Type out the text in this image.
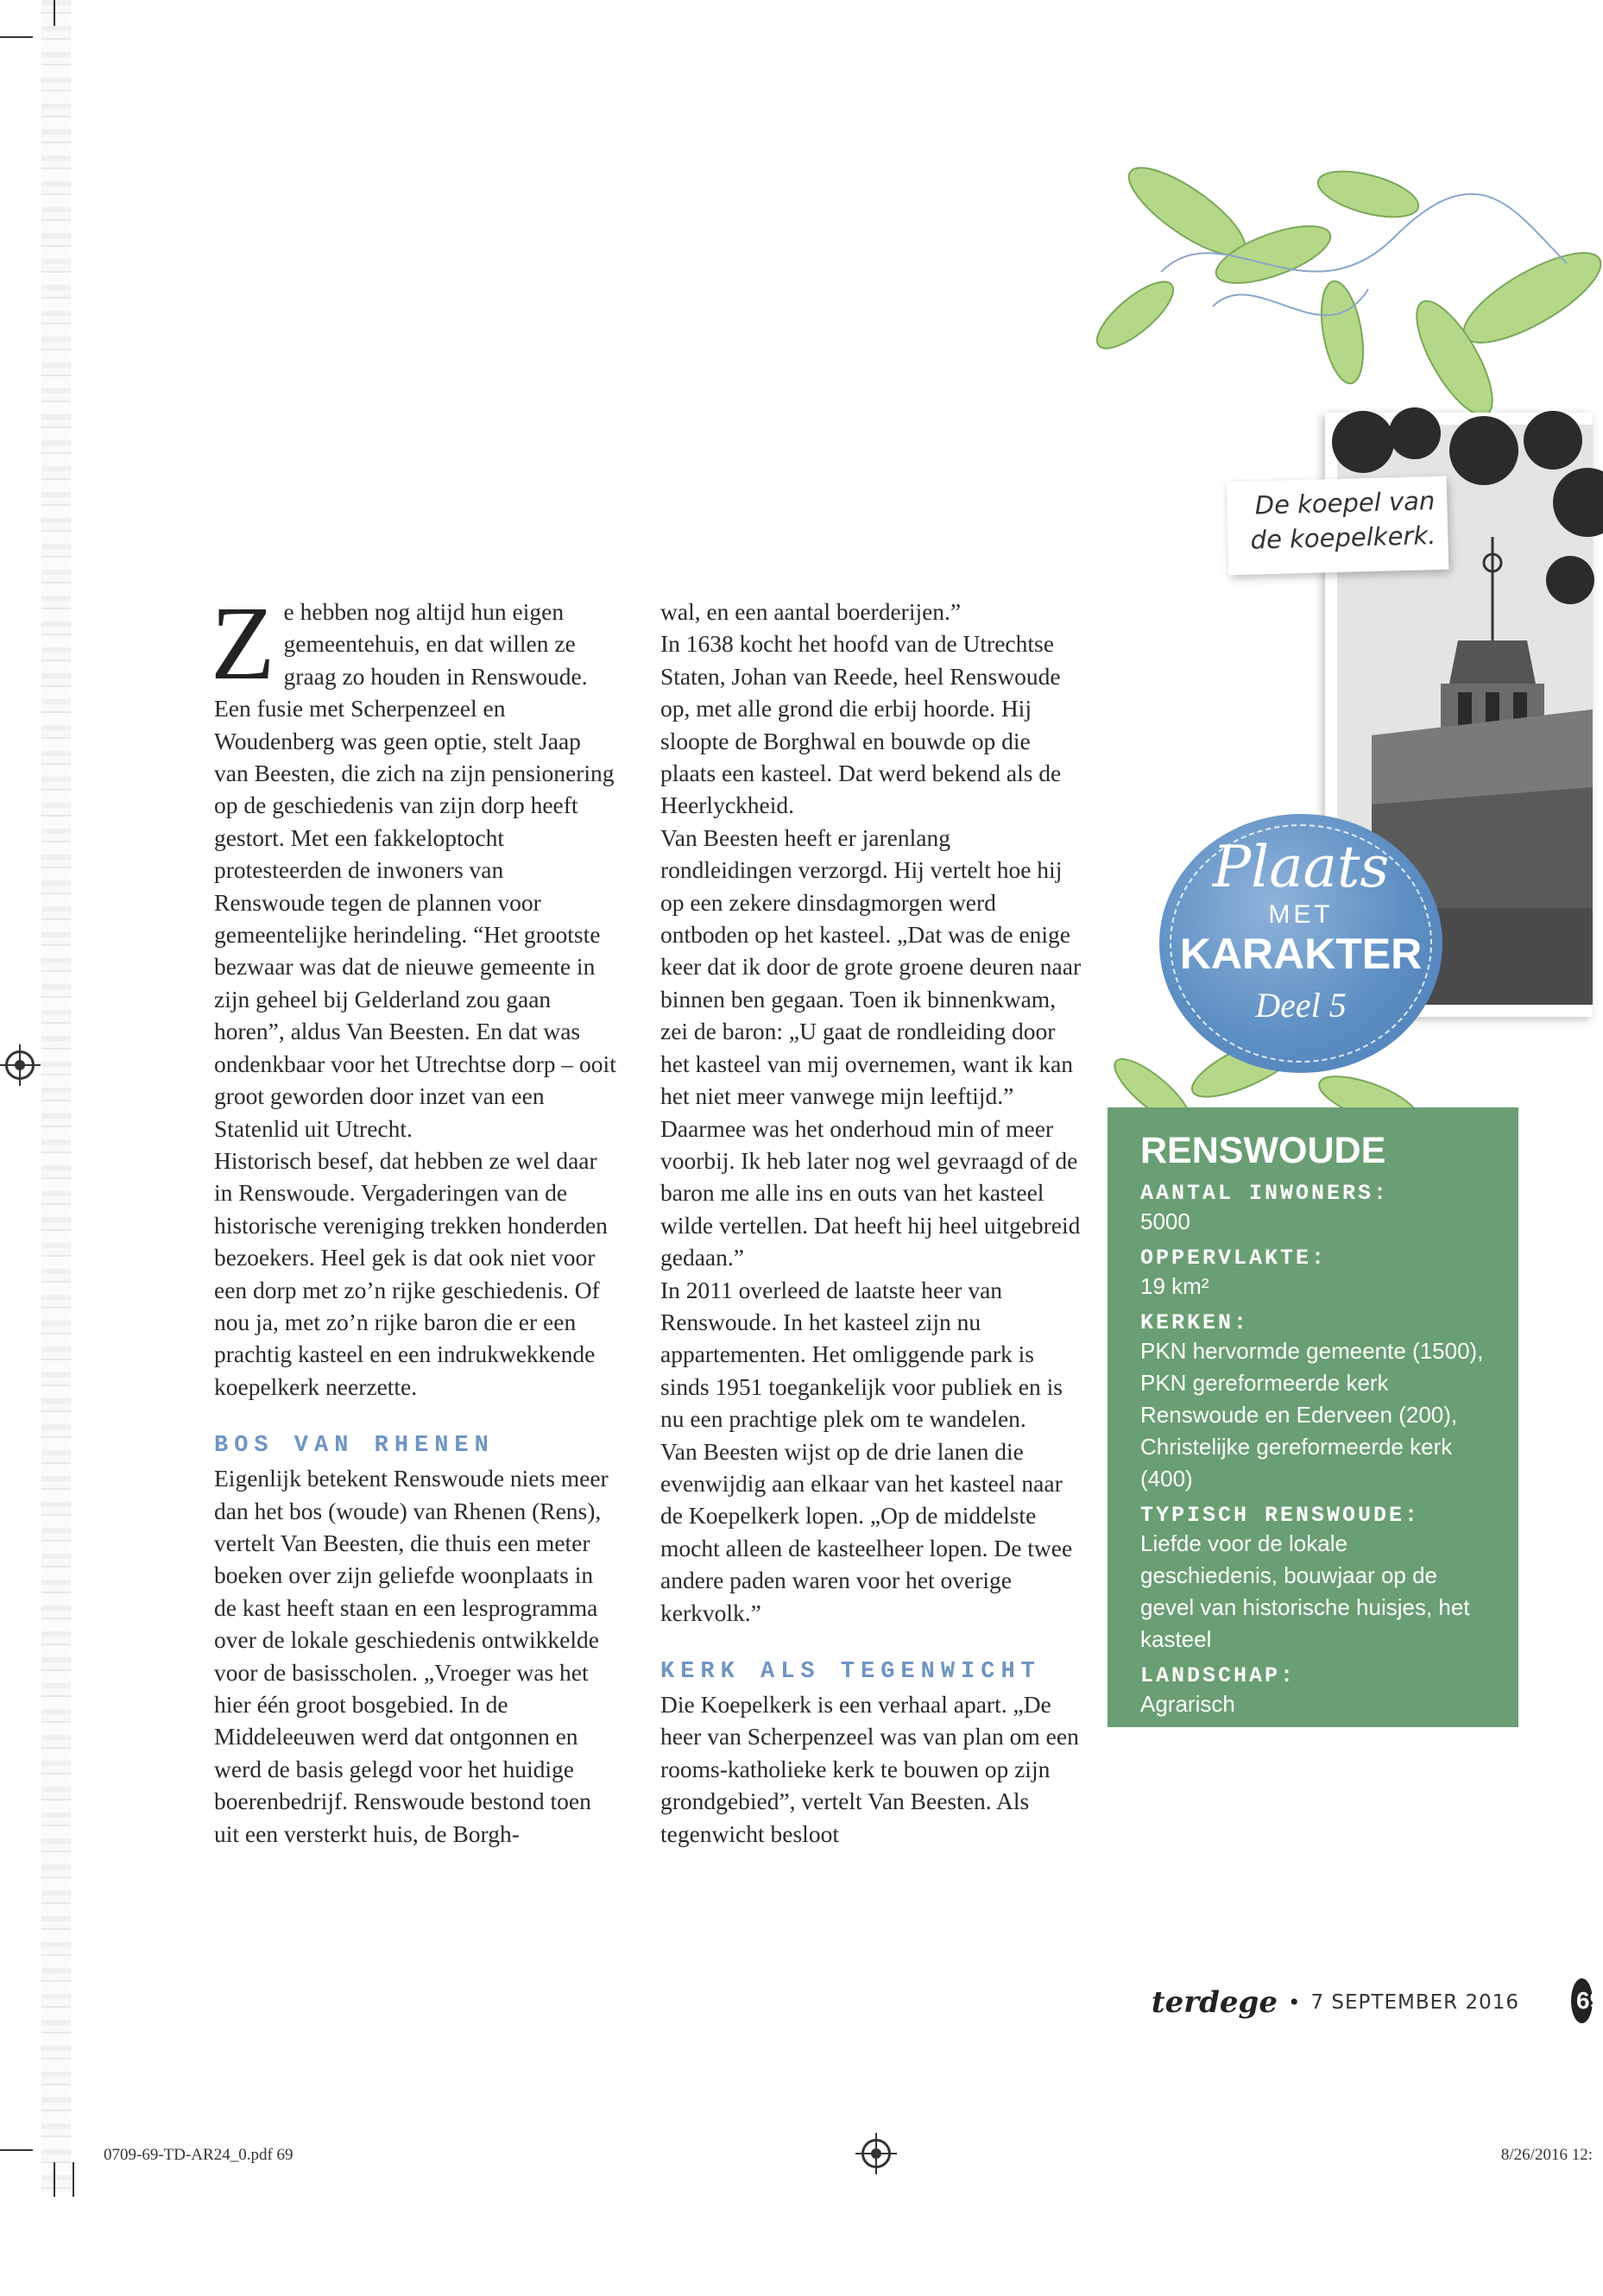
De koepel van
de koepelkerk.
Plaats
MET
KARAKTER
Deel 5

Ze hebben nog altijd hun eigen gemeentehuis, en dat willen ze graag zo houden in Renswoude. Een fusie met Scherpenzeel en Woudenberg was geen optie, stelt Jaap van Beesten, die zich na zijn pensionering op de geschiedenis van zijn dorp heeft gestort. Met een fakkeloptocht protesteerden de inwoners van Renswoude tegen de plannen voor gemeentelijke herindeling. “Het grootste bezwaar was dat de nieuwe gemeente in zijn geheel bij Gelderland zou gaan horen”, aldus Van Beesten. En dat was ondenkbaar voor het Utrechtse dorp – ooit groot geworden door inzet van een Statenlid uit Utrecht.

Historisch besef, dat hebben ze wel daar in Renswoude. Vergaderingen van de historische vereniging trekken honderden bezoekers. Heel gek is dat ook niet voor een dorp met zo’n rijke geschiedenis. Of nou ja, met zo’n rijke baron die er een prachtig kasteel en een indrukwekkende koepelkerk neerzette.

BOS VAN RHENEN

Eigenlijk betekent Renswoude niets meer dan het bos (woude) van Rhenen (Rens), vertelt Van Beesten, die thuis een meter boeken over zijn geliefde woonplaats in de kast heeft staan en een lesprogramma over de lokale geschiedenis ontwikkelde voor de basisscholen. „Vroeger was het hier één groot bosgebied. In de Middeleeuwen werd dat ontgonnen en werd de basis gelegd voor het huidige boerenbedrijf. Renswoude bestond toen uit een versterkt huis, de Borgh-

wal, en een aantal boerderijen.”

In 1638 kocht het hoofd van de Utrechtse Staten, Johan van Reede, heel Renswoude op, met alle grond die erbij hoorde. Hij sloopte de Borghwal en bouwde op die plaats een kasteel. Dat werd bekend als de Heerlyckheid.

Van Beesten heeft er jarenlang rondleidingen verzorgd. Hij vertelt hoe hij op een zekere dinsdagmorgen werd ontboden op het kasteel. „Dat was de enige keer dat ik door de grote groene deuren naar binnen ben gegaan. Toen ik binnenkwam, zei de baron: „U gaat de rondleiding door het kasteel van mij overnemen, want ik kan het niet meer vanwege mijn leeftijd.” Daarmee was het onderhoud min of meer voorbij. Ik heb later nog wel gevraagd of de baron me alle ins en outs van het kasteel wilde vertellen. Dat heeft hij heel uitgebreid gedaan.”

In 2011 overleed de laatste heer van Renswoude. In het kasteel zijn nu appartementen. Het omliggende park is sinds 1951 toegankelijk voor publiek en is nu een prachtige plek om te wandelen.

Van Beesten wijst op de drie lanen die evenwijdig aan elkaar van het kasteel naar de Koepelkerk lopen. „Op de middelste mocht alleen de kasteelheer lopen. De twee andere paden waren voor het overige kerkvolk.”

KERK ALS TEGENWICHT

Die Koepelkerk is een verhaal apart. „De heer van Scherpenzeel was van plan om een rooms-katholieke kerk te bouwen op zijn grondgebied”, vertelt Van Beesten. Als tegenwicht besloot

RENSWOUDE
AANTAL INWONERS:
5000
OPPERVLAKTE:
19 km²
KERKEN:
PKN hervormde gemeente (1500), PKN gereformeerde kerk Renswoude en Ederveen (200), Christelijke gereformeerde kerk (400)
TYPISCH RENSWOUDE:
Liefde voor de lokale geschiedenis, bouwjaar op de gevel van historische huisjes, het kasteel
LANDSCHAP:
Agrarisch
terdege • 7 SEPTEMBER 2016 69
0709-69-TD-AR24_0.pdf 69	8/26/2016 12:
